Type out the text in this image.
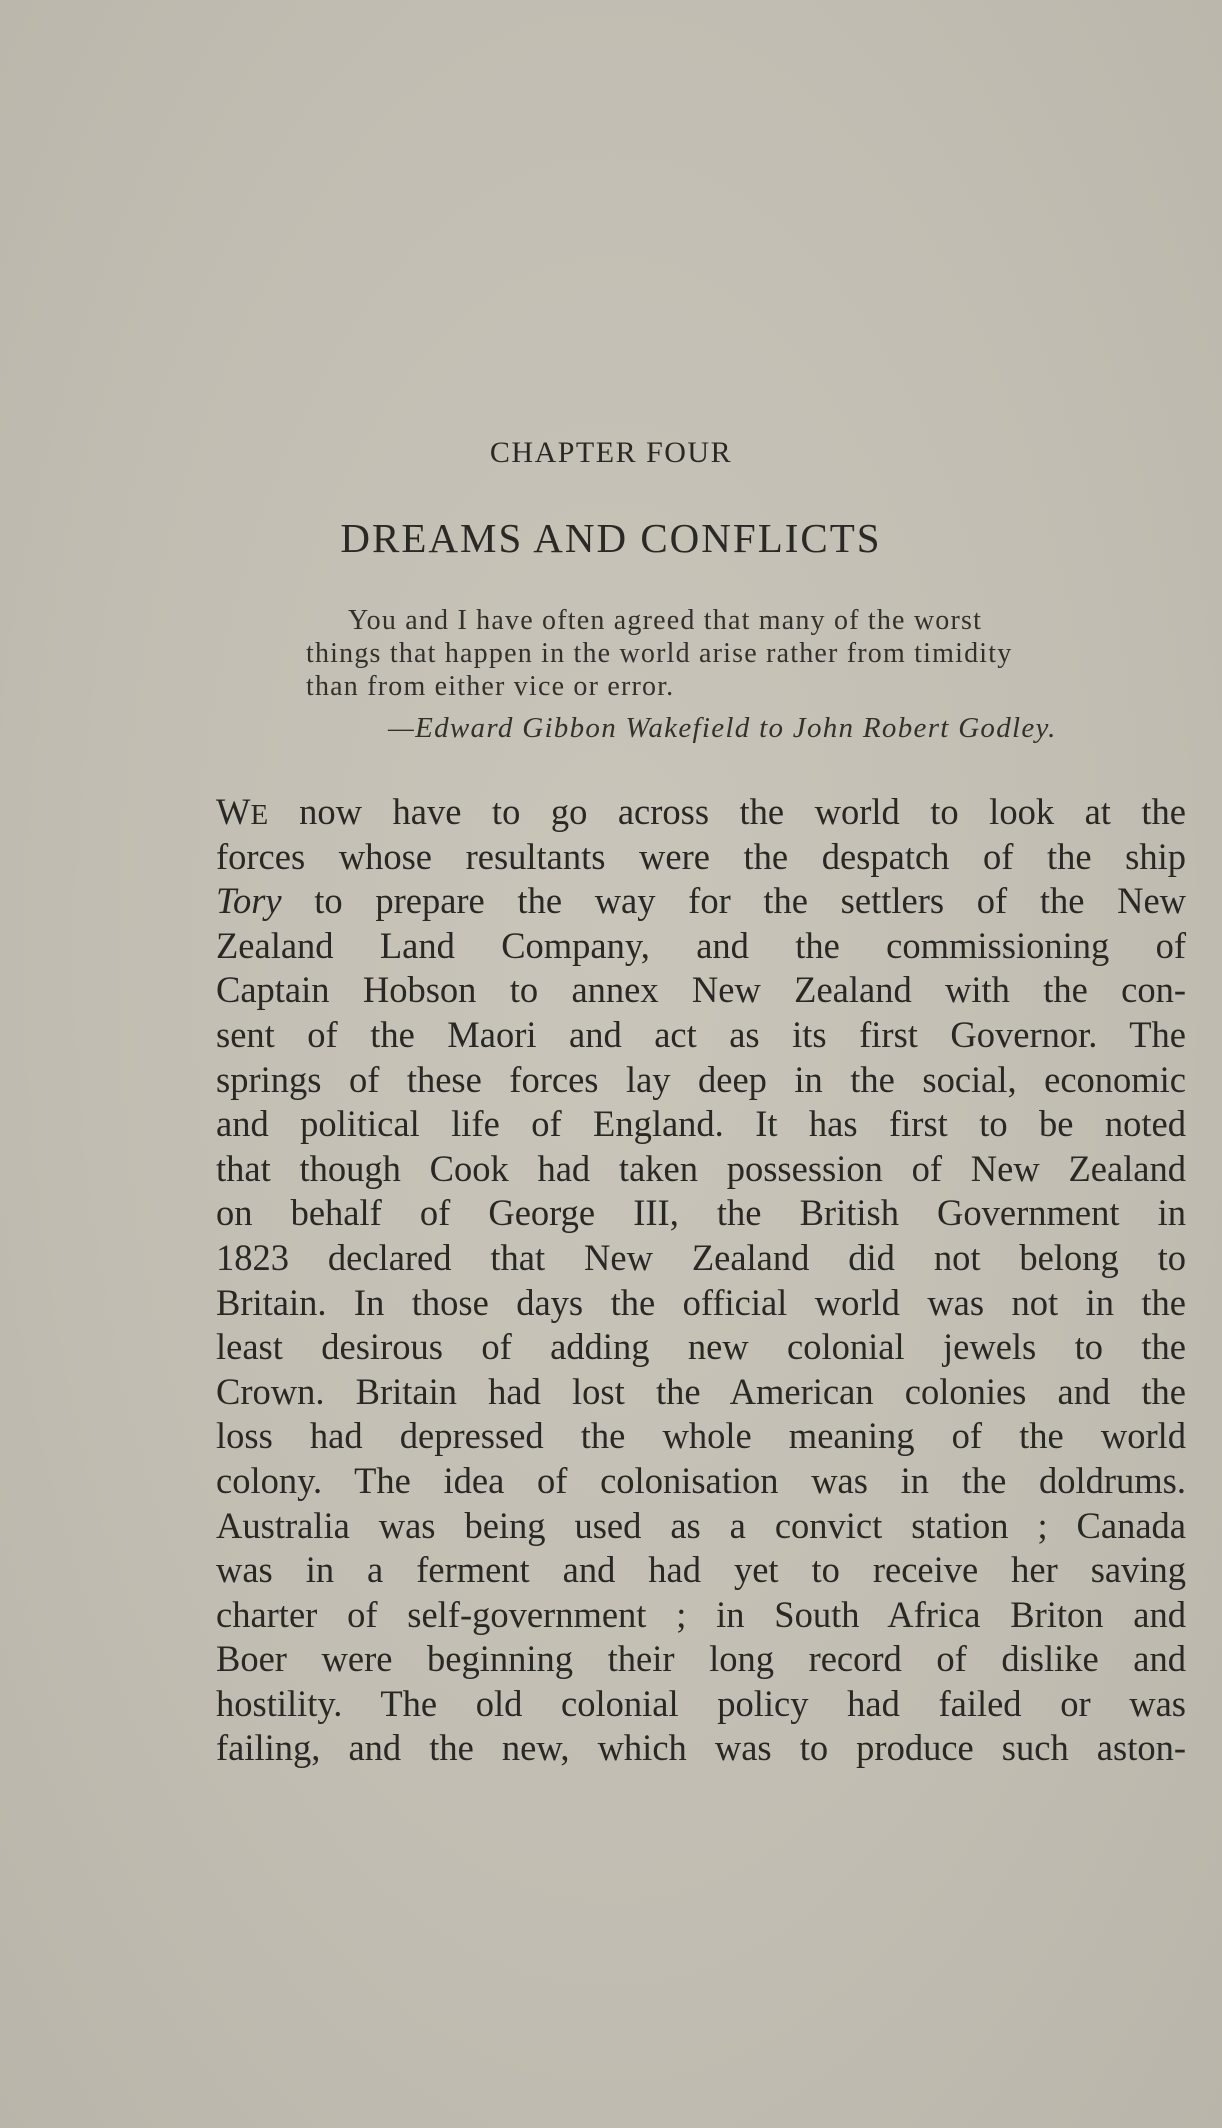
CHAPTER FOUR
DREAMS AND CONFLICTS
You and I have often agreed that many of the worst
things that happen in the world arise rather from timidity
than from either vice or error.
—Edward Gibbon Wakefield to John Robert Godley.
WE now have to go across the world to look at the
forces whose resultants were the despatch of the ship
Tory to prepare the way for the settlers of the New
Zealand Land Company, and the commissioning of
Captain Hobson to annex New Zealand with the con-
sent of the Maori and act as its first Governor. The
springs of these forces lay deep in the social, economic
and political life of England. It has first to be noted
that though Cook had taken possession of New Zealand
on behalf of George III, the British Government in
1823 declared that New Zealand did not belong to
Britain. In those days the official world was not in the
least desirous of adding new colonial jewels to the
Crown. Britain had lost the American colonies and the
loss had depressed the whole meaning of the world
colony. The idea of colonisation was in the doldrums.
Australia was being used as a convict station ; Canada
was in a ferment and had yet to receive her saving
charter of self-government ; in South Africa Briton and
Boer were beginning their long record of dislike and
hostility. The old colonial policy had failed or was
failing, and the new, which was to produce such aston-
